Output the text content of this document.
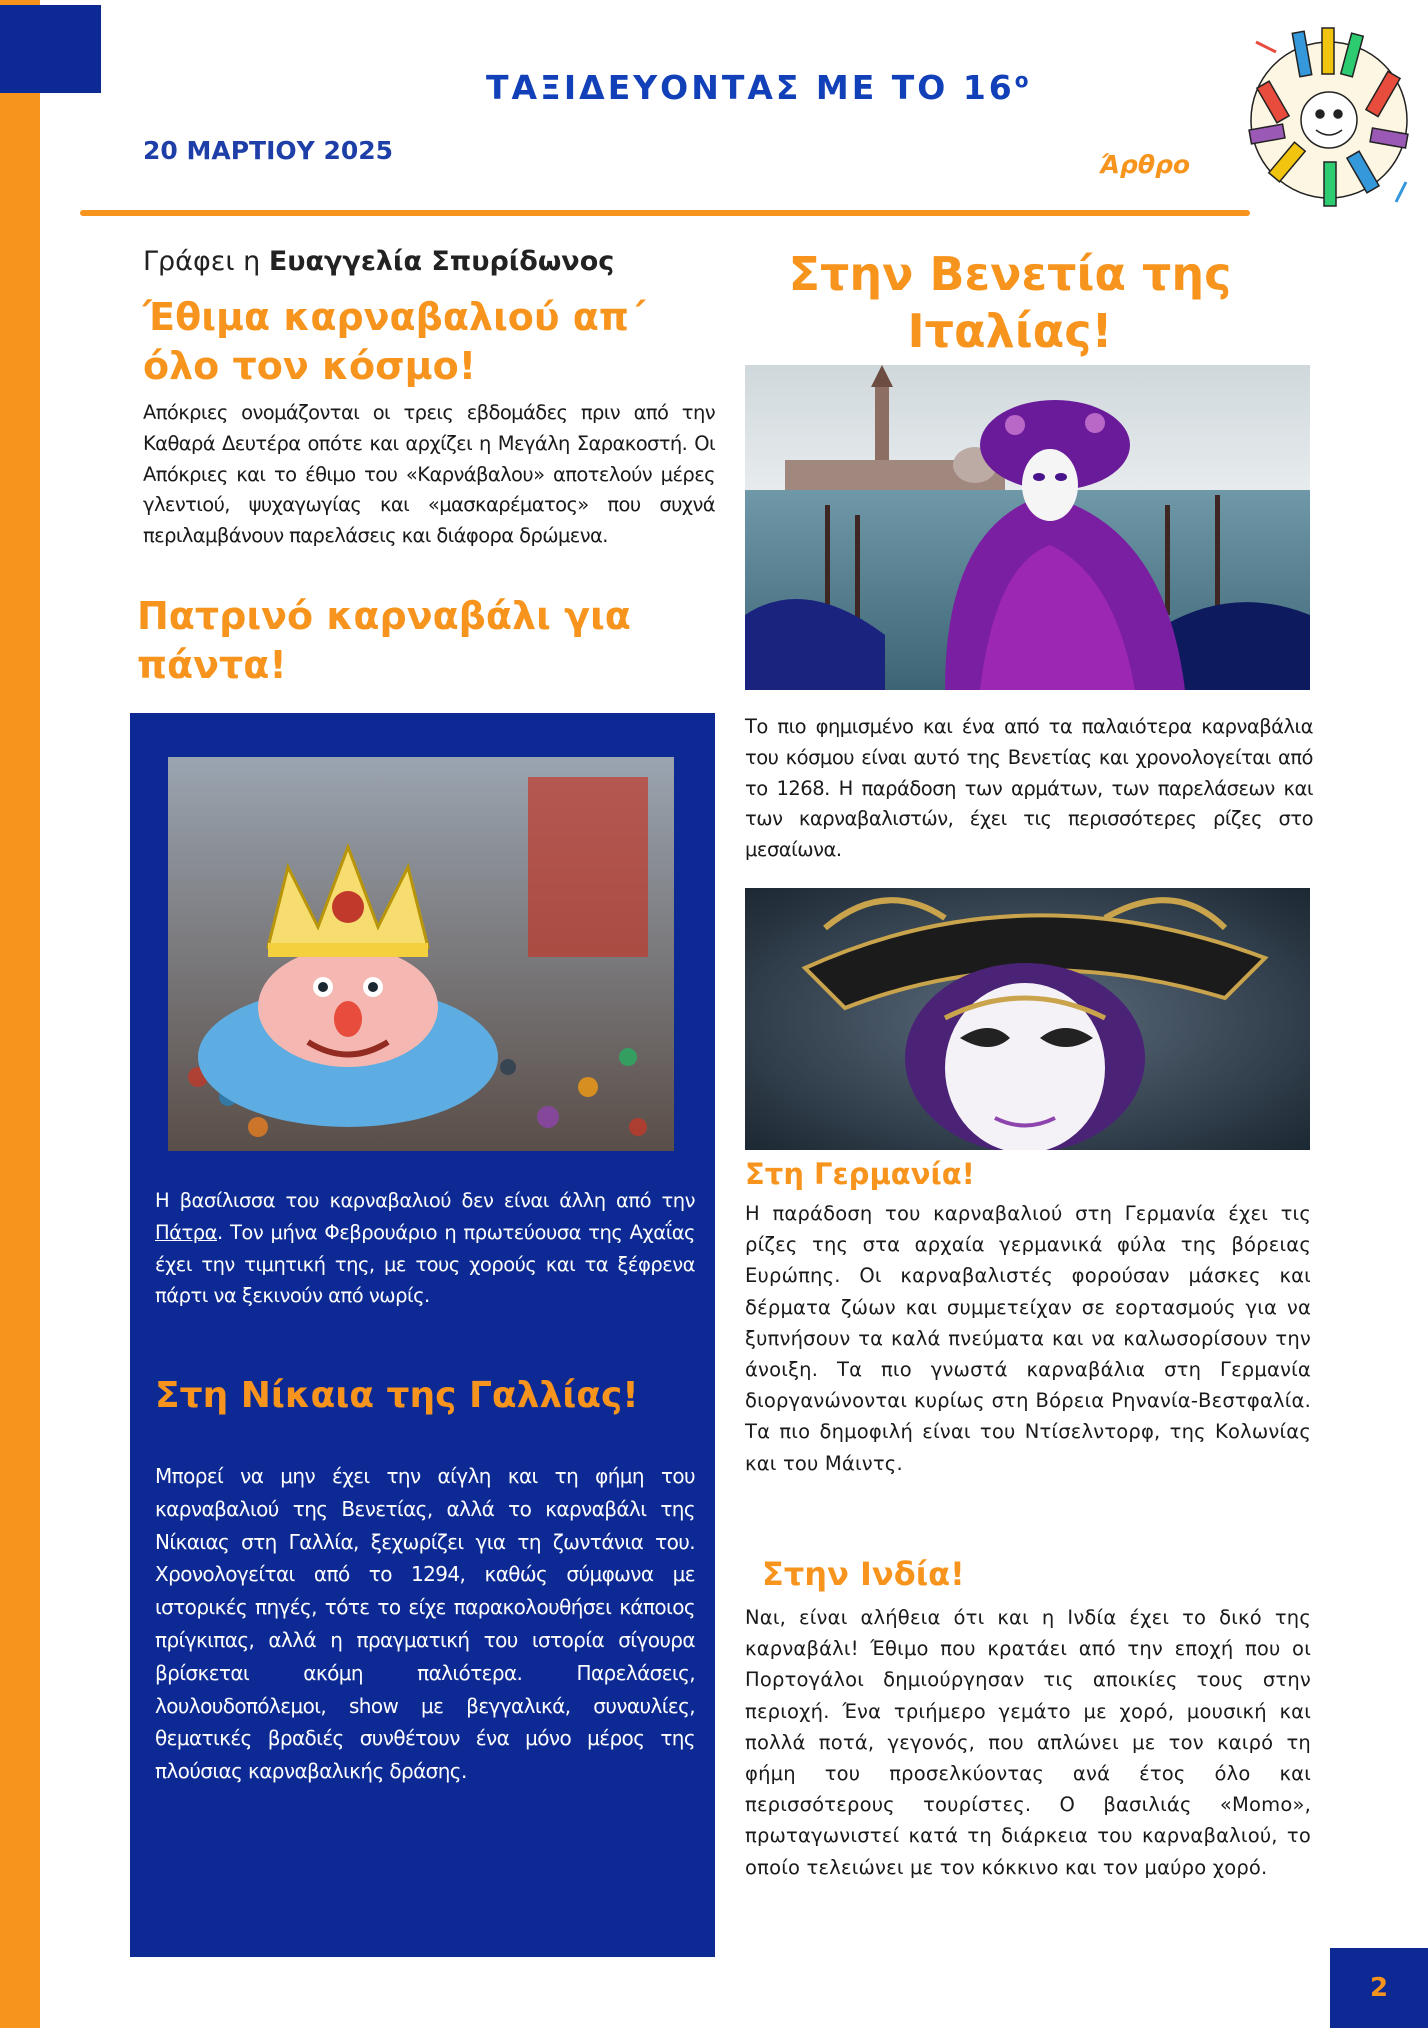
ΤΑΞΙΔΕΥΟΝΤΑΣ ΜΕ ΤΟ $16^o$
20 ΜΑΡΤΙΟΥ 2025	Άρθρο
Γράφει η Ευαγγελία Σπυρίδωνος
Έθιμα καρναβαλιού απ΄ όλο τον κόσμο!
Απόκριες ονομάζονται οι τρεις εβδομάδες πριν από την Καθαρά Δευτέρα οπότε και αρχίζει η Μεγάλη Σαρακοστή. Οι Απόκριες και το έθιμο του «Καρνάβαλου» αποτελούν μέρες γλεντιού, ψυχαγωγίας και «μασκαρέματος» που συχνά περιλαμβάνουν παρελάσεις και διάφορα δρώμενα.
Πατρινό καρναβάλι για πάντα!
Η βασίλισσα του καρναβαλιού δεν είναι άλλη από την Πάτρα. Τον μήνα Φεβρουάριο η πρωτεύουσα της Αχαΐας έχει την τιμητική της, με τους χορούς και τα ξέφρενα πάρτι να ξεκινούν από νωρίς.
Στη Νίκαια της Γαλλίας!
Μπορεί να μην έχει την αίγλη και τη φήμη του καρναβαλιού της Βενετίας, αλλά το καρναβάλι της Νίκαιας στη Γαλλία, ξεχωρίζει για τη ζωντάνια του. Χρονολογείται από το 1294, καθώς σύμφωνα με ιστορικές πηγές, τότε το είχε παρακολουθήσει κάποιος πρίγκιπας, αλλά η πραγματική του ιστορία σίγουρα βρίσκεται ακόμη παλιότερα. Παρελάσεις, λουλουδοπόλεμοι, show με βεγγαλικά, συναυλίες, θεματικές βραδιές συνθέτουν ένα μόνο μέρος της πλούσιας καρναβαλικής δράσης.
Στην Βενετία της Ιταλίας!
Το πιο φημισμένο και ένα από τα παλαιότερα καρναβάλια του κόσμου είναι αυτό της Βενετίας και χρονολογείται από το 1268. Η παράδοση των αρμάτων, των παρελάσεων και των καρναβαλιστών, έχει τις περισσότερες ρίζες στο μεσαίωνα.
Στη Γερμανία!
Η παράδοση του καρναβαλιού στη Γερμανία έχει τις ρίζες της στα αρχαία γερμανικά φύλα της βόρειας Ευρώπης. Οι καρναβαλιστές φορούσαν μάσκες και δέρματα ζώων και συμμετείχαν σε εορτασμούς για να ξυπνήσουν τα καλά πνεύματα και να καλωσορίσουν την άνοιξη. Τα πιο γνωστά καρναβάλια στη Γερμανία διοργανώνονται κυρίως στη Βόρεια Ρηνανία-Βεστφαλία. Τα πιο δημοφιλή είναι του Ντίσελντορφ, της Κολωνίας και του Μάιντς.
Στην Ινδία!
Ναι, είναι αλήθεια ότι και η Ινδία έχει το δικό της καρναβάλι! Έθιμο που κρατάει από την εποχή που οι Πορτογάλοι δημιούργησαν τις αποικίες τους στην περιοχή. Ένα τριήμερο γεμάτο με χορό, μουσική και πολλά ποτά, γεγονός, που απλώνει με τον καιρό τη φήμη του προσελκύοντας ανά έτος όλο και περισσότερους τουρίστες. Ο βασιλιάς «Momo», πρωταγωνιστεί κατά τη διάρκεια του καρναβαλιού, το οποίο τελειώνει με τον κόκκινο και τον μαύρο χορό.
2
